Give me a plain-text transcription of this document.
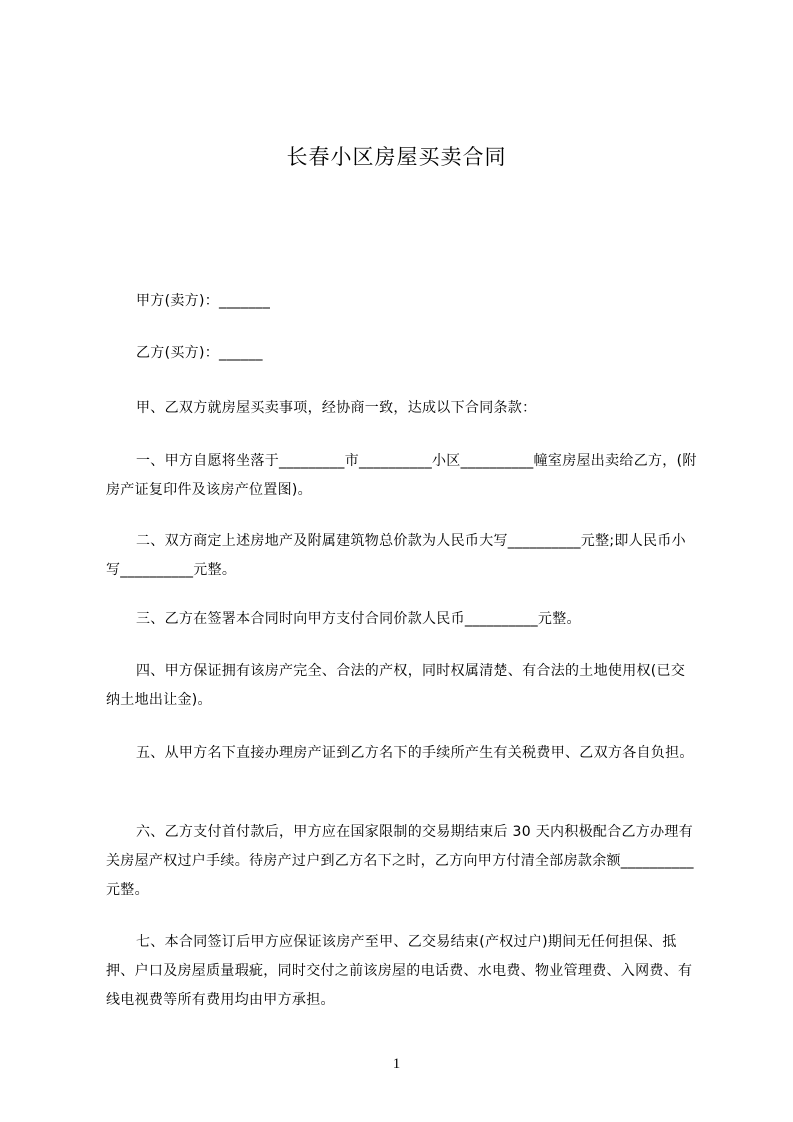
长春小区房屋买卖合同

甲方(卖方)：_______

乙方(买方)：______

甲、乙双方就房屋买卖事项，经协商一致，达成以下合同条款：

一、甲方自愿将坐落于_________市__________小区__________幢室房屋出卖给乙方，(附房产证复印件及该房产位置图)。

二、双方商定上述房地产及附属建筑物总价款为人民币大写__________元整;即人民币小写__________元整。

三、乙方在签署本合同时向甲方支付合同价款人民币__________元整。

四、甲方保证拥有该房产完全、合法的产权，同时权属清楚、有合法的土地使用权(已交纳土地出让金)。

五、从甲方名下直接办理房产证到乙方名下的手续所产生有关税费甲、乙双方各自负担。

六、乙方支付首付款后，甲方应在国家限制的交易期结束后 30 天内积极配合乙方办理有关房屋产权过户手续。待房产过户到乙方名下之时，乙方向甲方付清全部房款余额__________元整。

七、本合同签订后甲方应保证该房产至甲、乙交易结束(产权过户)期间无任何担保、抵押、户口及房屋质量瑕疵，同时交付之前该房屋的电话费、水电费、物业管理费、入网费、有线电视费等所有费用均由甲方承担。

1
